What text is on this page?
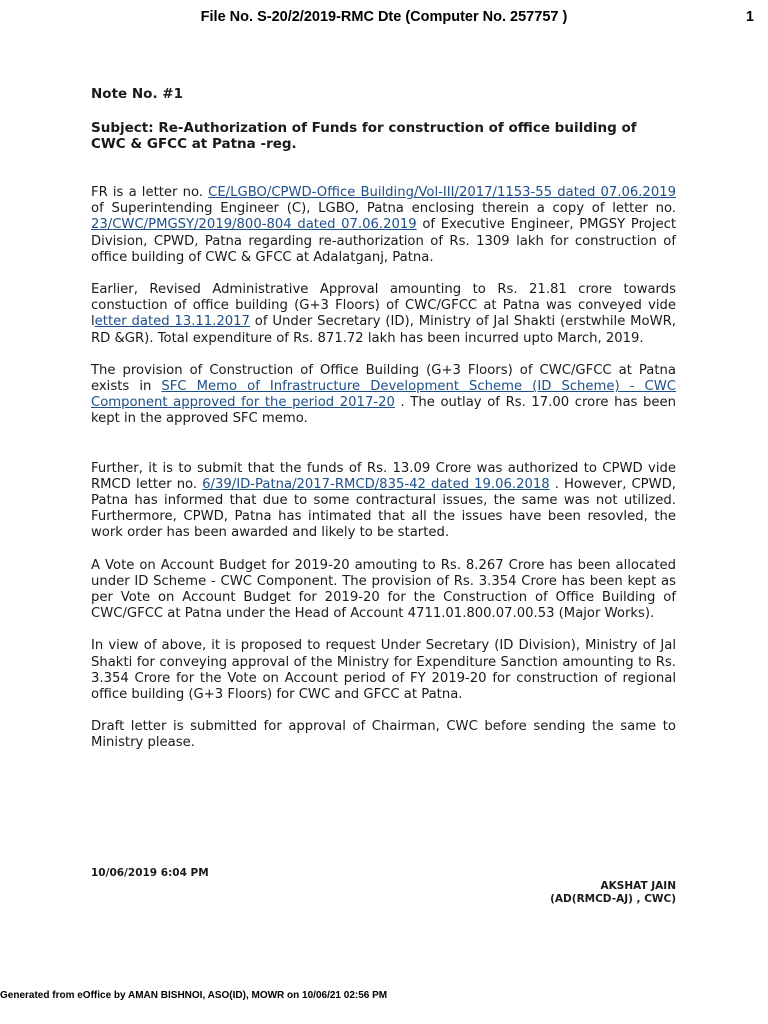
File No. S-20/2/2019-RMC Dte (Computer No. 257757 )	1

Note No. #1

Subject: Re-Authorization of Funds for construction of office building of CWC & GFCC at Patna -reg.

FR is a letter no. CE/LGBO/CPWD-Office Building/Vol-III/2017/1153-55 dated 07.06.2019 of Superintending Engineer (C), LGBO, Patna enclosing therein a copy of letter no. 23/CWC/PMGSY/2019/800-804 dated 07.06.2019 of Executive Engineer, PMGSY Project Division, CPWD, Patna regarding re-authorization of Rs. 1309 lakh for construction of office building of CWC & GFCC at Adalatganj, Patna.

Earlier, Revised Administrative Approval amounting to Rs. 21.81 crore towards constuction of office building (G+3 Floors) of CWC/GFCC at Patna was conveyed vide letter dated 13.11.2017 of Under Secretary (ID), Ministry of Jal Shakti (erstwhile MoWR, RD &GR). Total expenditure of Rs. 871.72 lakh has been incurred upto March, 2019.

The provision of Construction of Office Building (G+3 Floors) of CWC/GFCC at Patna exists in SFC Memo of Infrastructure Development Scheme (ID Scheme) - CWC Component approved for the period 2017-20 . The outlay of Rs. 17.00 crore has been kept in the approved SFC memo.

Further, it is to submit that the funds of Rs. 13.09 Crore was authorized to CPWD vide RMCD letter no. 6/39/ID-Patna/2017-RMCD/835-42 dated 19.06.2018 . However, CPWD, Patna has informed that due to some contractural issues, the same was not utilized. Furthermore, CPWD, Patna has intimated that all the issues have been resovled, the work order has been awarded and likely to be started.

A Vote on Account Budget for 2019-20 amouting to Rs. 8.267 Crore has been allocated under ID Scheme - CWC Component. The provision of Rs. 3.354 Crore has been kept as per Vote on Account Budget for 2019-20 for the Construction of Office Building of CWC/GFCC at Patna under the Head of Account 4711.01.800.07.00.53 (Major Works).

In view of above, it is proposed to request Under Secretary (ID Division), Ministry of Jal Shakti for conveying approval of the Ministry for Expenditure Sanction amounting to Rs. 3.354 Crore for the Vote on Account period of FY 2019-20 for construction of regional office building (G+3 Floors) for CWC and GFCC at Patna.

Draft letter is submitted for approval of Chairman, CWC before sending the same to Ministry please.

10/06/2019 6:04 PM
AKSHAT JAIN
(AD(RMCD-AJ) , CWC)
Generated from eOffice by AMAN BISHNOI, ASO(ID), MOWR on 10/06/21 02:56 PM
